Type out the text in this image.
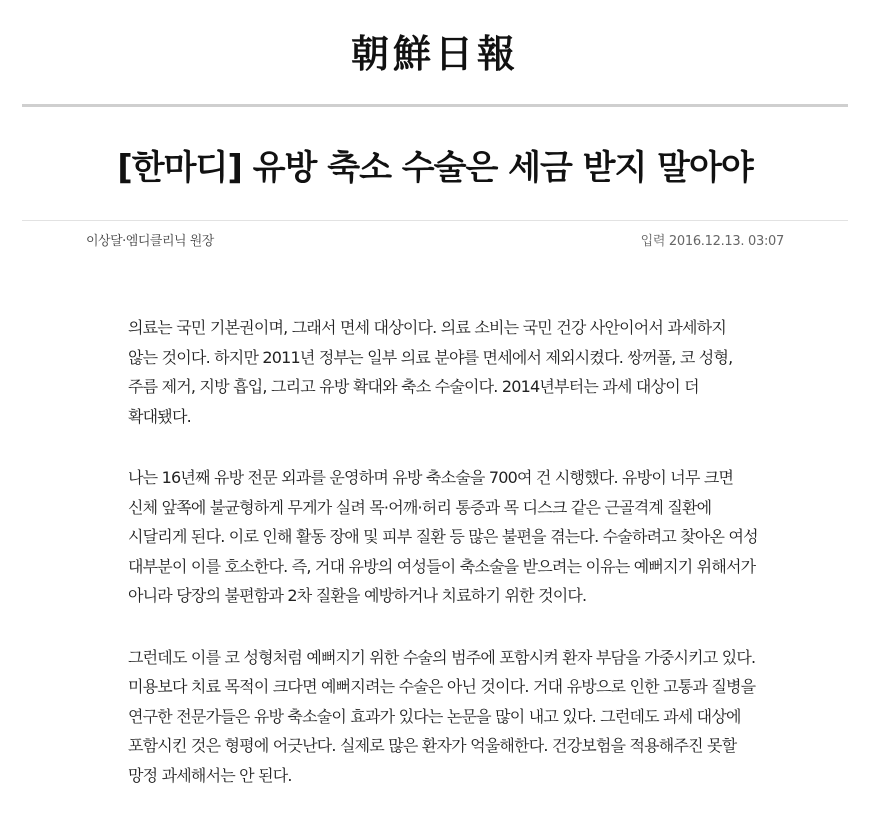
朝鮮日報
[한마디] 유방 축소 수술은 세금 받지 말아야
이상달·엠디클리닉 원장	입력 2016.12.13. 03:07

의료는 국민 기본권이며, 그래서 면세 대상이다. 의료 소비는 국민 건강 사안이어서 과세하지 않는 것이다. 하지만 2011년 정부는 일부 의료 분야를 면세에서 제외시켰다. 쌍꺼풀, 코 성형, 주름 제거, 지방 흡입, 그리고 유방 확대와 축소 수술이다. 2014년부터는 과세 대상이 더 확대됐다.

나는 16년째 유방 전문 외과를 운영하며 유방 축소술을 700여 건 시행했다. 유방이 너무 크면 신체 앞쪽에 불균형하게 무게가 실려 목·어깨·허리 통증과 목 디스크 같은 근골격계 질환에 시달리게 된다. 이로 인해 활동 장애 및 피부 질환 등 많은 불편을 겪는다. 수술하려고 찾아온 여성 대부분이 이를 호소한다. 즉, 거대 유방의 여성들이 축소술을 받으려는 이유는 예뻐지기 위해서가 아니라 당장의 불편함과 2차 질환을 예방하거나 치료하기 위한 것이다.

그런데도 이를 코 성형처럼 예뻐지기 위한 수술의 범주에 포함시켜 환자 부담을 가중시키고 있다. 미용보다 치료 목적이 크다면 예뻐지려는 수술은 아닌 것이다. 거대 유방으로 인한 고통과 질병을 연구한 전문가들은 유방 축소술이 효과가 있다는 논문을 많이 내고 있다. 그런데도 과세 대상에 포함시킨 것은 형평에 어긋난다. 실제로 많은 환자가 억울해한다. 건강보험을 적용해주진 못할 망정 과세해서는 안 된다.
